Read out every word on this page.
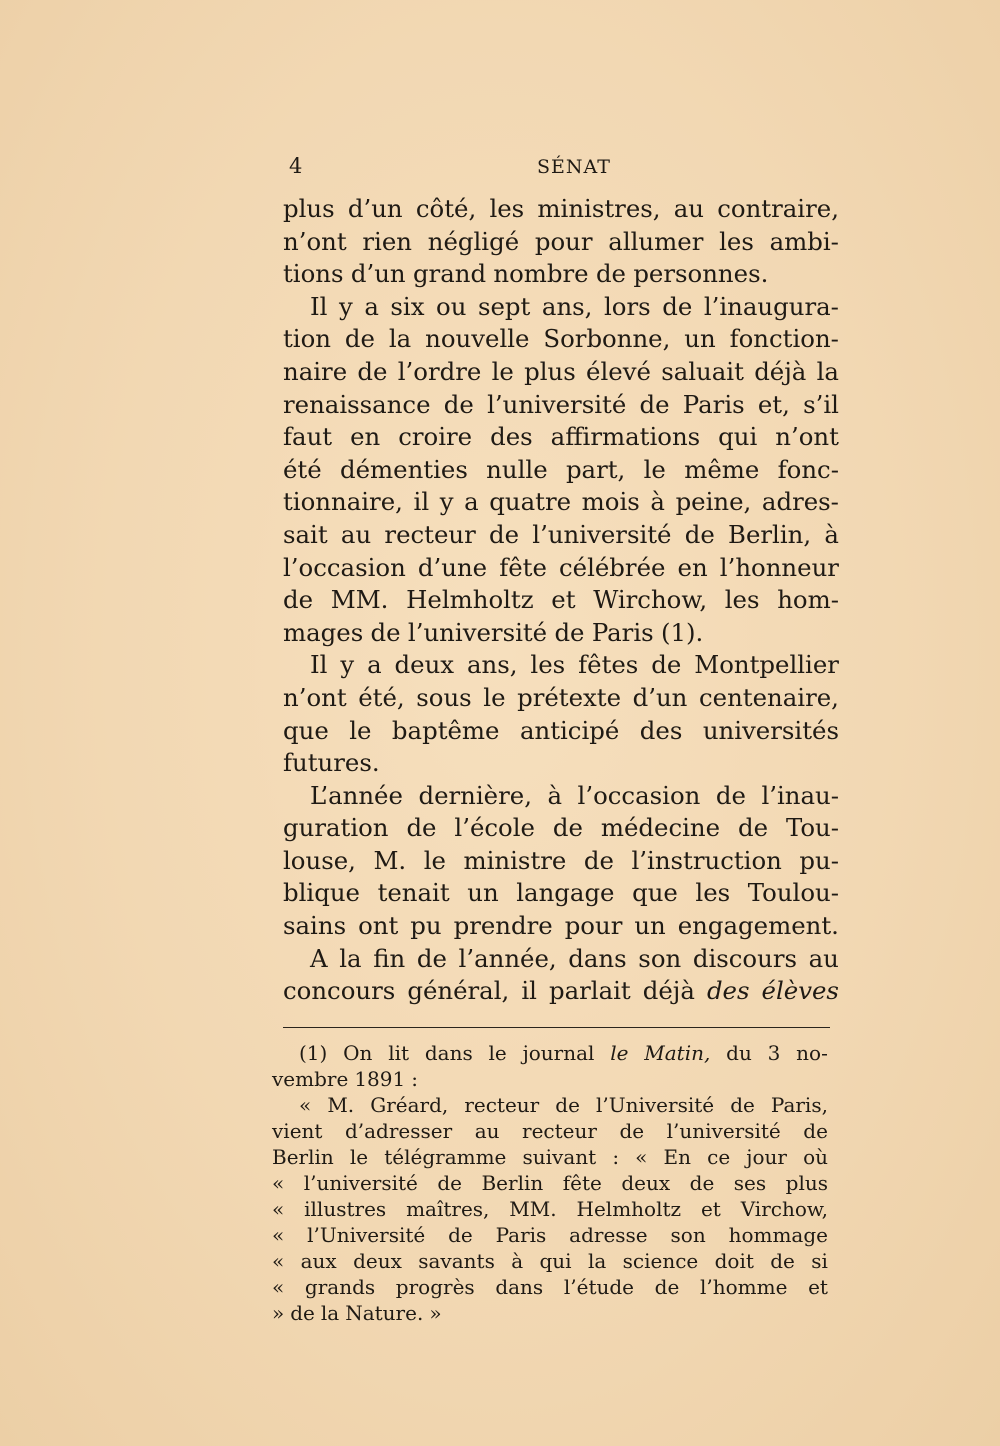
4	SÉNAT
plus d’un côté, les ministres, au contraire,
n’ont rien négligé pour allumer les ambi-
tions d’un grand nombre de personnes.
Il y a six ou sept ans, lors de l’inaugura-
tion de la nouvelle Sorbonne, un fonction-
naire de l’ordre le plus élevé saluait déjà la
renaissance de l’université de Paris et, s’il
faut en croire des affirmations qui n’ont
été démenties nulle part, le même fonc-
tionnaire, il y a quatre mois à peine, adres-
sait au recteur de l’université de Berlin, à
l’occasion d’une fête célébrée en l’honneur
de MM. Helmholtz et Wirchow, les hom-
mages de l’université de Paris (1).
Il y a deux ans, les fêtes de Montpellier
n’ont été, sous le prétexte d’un centenaire,
que le baptême anticipé des universités
futures.
L’année dernière, à l’occasion de l’inau-
guration de l’école de médecine de Tou-
louse, M. le ministre de l’instruction pu-
blique tenait un langage que les Toulou-
sains ont pu prendre pour un engagement.
A la fin de l’année, dans son discours au
concours général, il parlait déjà des élèves
(1) On lit dans le journal le Matin, du 3 no-
vembre 1891 :
« M. Gréard, recteur de l’Université de Paris,
vient d’adresser au recteur de l’université de
Berlin le télégramme suivant : « En ce jour où
« l’université de Berlin fête deux de ses plus
« illustres maîtres, MM. Helmholtz et Virchow,
« l’Université de Paris adresse son hommage
« aux deux savants à qui la science doit de si
« grands progrès dans l’étude de l’homme et
» de la Nature. »
